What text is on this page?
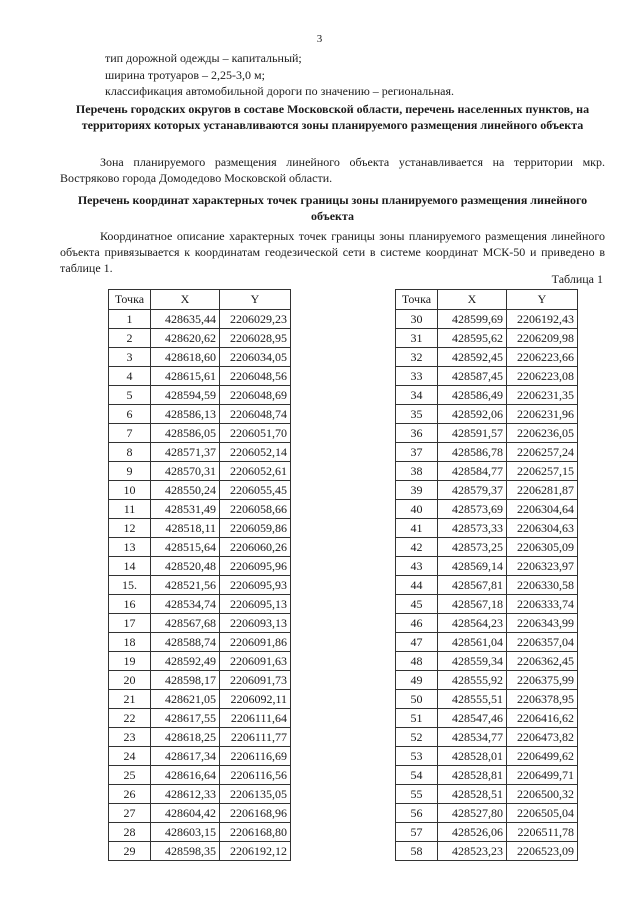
3
тип дорожной одежды – капитальный;
ширина тротуаров – 2,25-3,0 м;
классификация автомобильной дороги по значению – региональная.
Перечень городских округов в составе Московской области, перечень населенных пунктов, на территориях которых устанавливаются зоны планируемого размещения линейного объекта
Зона планируемого размещения линейного объекта устанавливается на территории мкр. Востряково города Домодедово Московской области.
Перечень координат характерных точек границы зоны планируемого размещения линейного объекта
Координатное описание характерных точек границы зоны планируемого размещения линейного объекта привязывается к координатам геодезической сети в системе координат МСК-50 и приведено в таблице 1.
Таблица 1
Точка	X	Y
1	428635,44	2206029,23
2	428620,62	2206028,95
3	428618,60	2206034,05
4	428615,61	2206048,56
5	428594,59	2206048,69
6	428586,13	2206048,74
7	428586,05	2206051,70
8	428571,37	2206052,14
9	428570,31	2206052,61
10	428550,24	2206055,45
11	428531,49	2206058,66
12	428518,11	2206059,86
13	428515,64	2206060,26
14	428520,48	2206095,96
15.	428521,56	2206095,93
16	428534,74	2206095,13
17	428567,68	2206093,13
18	428588,74	2206091,86
19	428592,49	2206091,63
20	428598,17	2206091,73
21	428621,05	2206092,11
22	428617,55	2206111,64
23	428618,25	2206111,77
24	428617,34	2206116,69
25	428616,64	2206116,56
26	428612,33	2206135,05
27	428604,42	2206168,96
28	428603,15	2206168,80
29	428598,35	2206192,12
Точка	X	Y
30	428599,69	2206192,43
31	428595,62	2206209,98
32	428592,45	2206223,66
33	428587,45	2206223,08
34	428586,49	2206231,35
35	428592,06	2206231,96
36	428591,57	2206236,05
37	428586,78	2206257,24
38	428584,77	2206257,15
39	428579,37	2206281,87
40	428573,69	2206304,64
41	428573,33	2206304,63
42	428573,25	2206305,09
43	428569,14	2206323,97
44	428567,81	2206330,58
45	428567,18	2206333,74
46	428564,23	2206343,99
47	428561,04	2206357,04
48	428559,34	2206362,45
49	428555,92	2206375,99
50	428555,51	2206378,95
51	428547,46	2206416,62
52	428534,77	2206473,82
53	428528,01	2206499,62
54	428528,81	2206499,71
55	428528,51	2206500,32
56	428527,80	2206505,04
57	428526,06	2206511,78
58	428523,23	2206523,09
